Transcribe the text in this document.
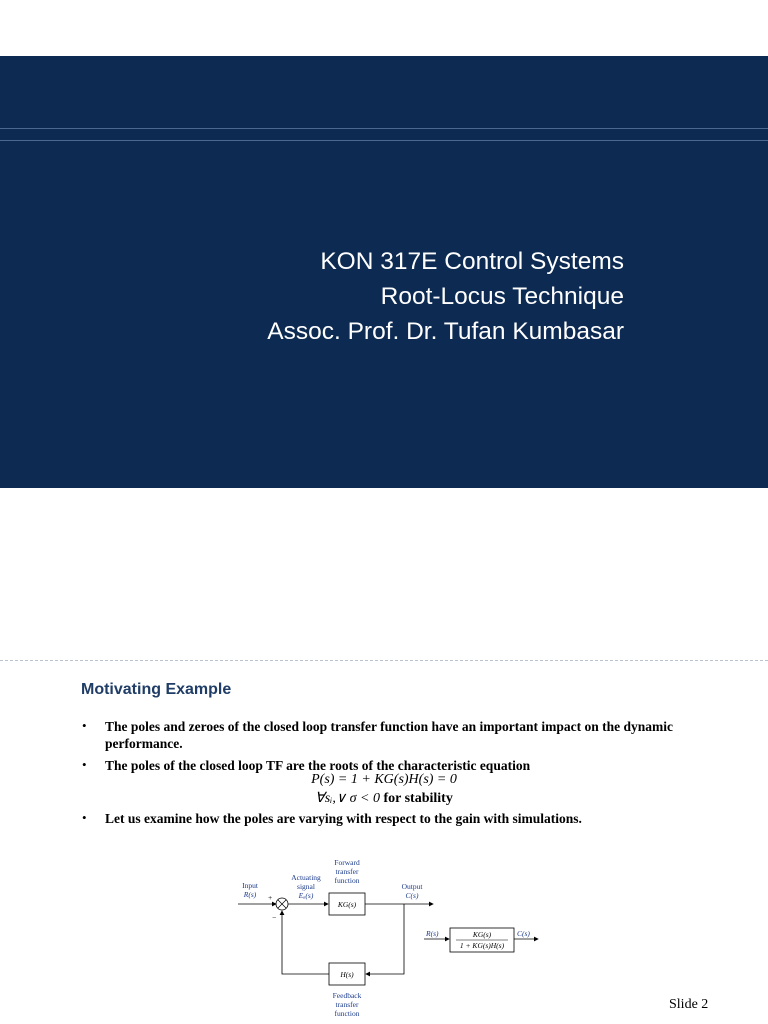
KON 317E Control Systems
Root-Locus Technique
Assoc. Prof. Dr. Tufan Kumbasar
Motivating Example
• The poles and zeroes of the closed loop transfer function have an important impact on the dynamic performance.
• The poles of the closed loop TF are the roots of the characteristic equation
P(s) = 1 + KG(s)H(s) = 0
∀sᵢ,∨ σ < 0 for stability
• Let us examine how the poles are varying with respect to the gain with simulations.
Input
R(s)
Actuating
signal
Eₐ(s)
Forward
transfer
function
Output
C(s)
+
−
KG(s)
H(s)
Feedback
transfer
function
R(s)	KG(s)
1 + KG(s)H(s)
C(s)
Slide 2
